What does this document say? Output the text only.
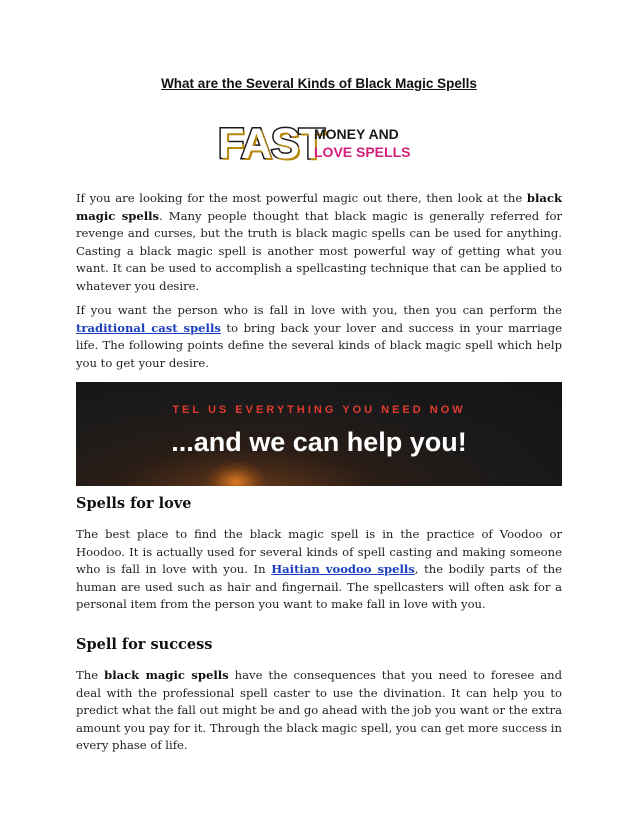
What are the Several Kinds of Black Magic Spells
FAST
MONEY AND
LOVE SPELLS

If you are looking for the most powerful magic out there, then look at the black magic spells. Many people thought that black magic is generally referred for revenge and curses, but the truth is black magic spells can be used for anything. Casting a black magic spell is another most powerful way of getting what you want. It can be used to accomplish a spellcasting technique that can be applied to whatever you desire.

If you want the person who is fall in love with you, then you can perform the traditional cast spells to bring back your lover and success in your marriage life. The following points define the several kinds of black magic spell which help you to get your desire.

TEL US EVERYTHING YOU NEED NOW
...and we can help you!
Spells for love

The best place to find the black magic spell is in the practice of Voodoo or Hoodoo. It is actually used for several kinds of spell casting and making someone who is fall in love with you. In Haitian voodoo spells, the bodily parts of the human are used such as hair and fingernail. The spellcasters will often ask for a personal item from the person you want to make fall in love with you.

Spell for success

The black magic spells have the consequences that you need to foresee and deal with the professional spell caster to use the divination. It can help you to predict what the fall out might be and go ahead with the job you want or the extra amount you pay for it. Through the black magic spell, you can get more success in every phase of life.
